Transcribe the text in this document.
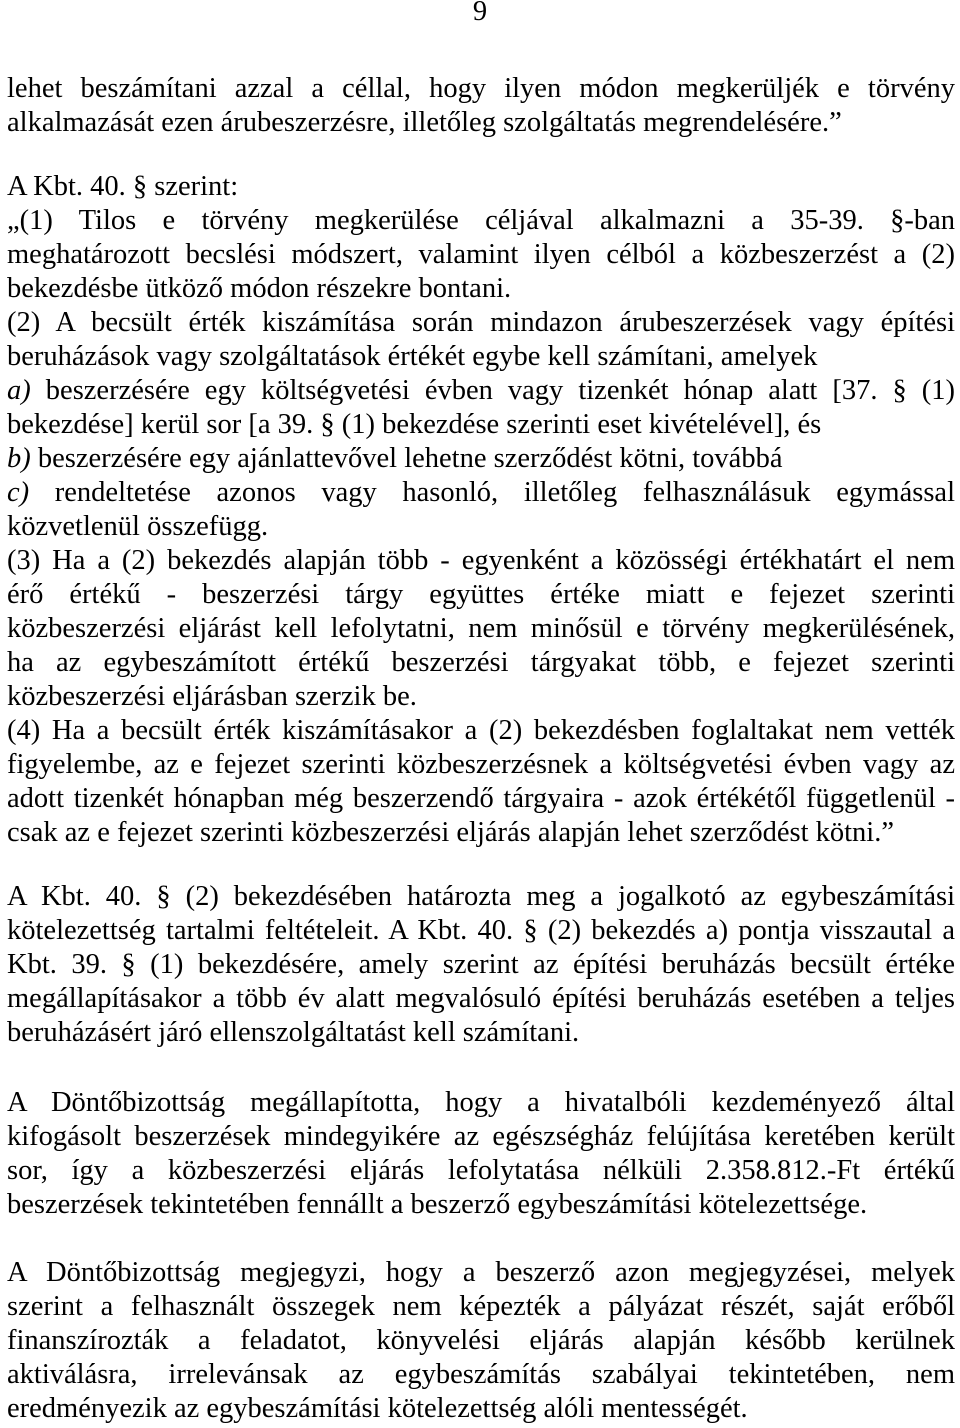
9
lehet beszámítani azzal a céllal, hogy ilyen módon megkerüljék e törvény
alkalmazását ezen árubeszerzésre, illetőleg szolgáltatás megrendelésére.”
A Kbt. 40. § szerint:
„(1) Tilos e törvény megkerülése céljával alkalmazni a 35-39. §-ban
meghatározott becslési módszert, valamint ilyen célból a közbeszerzést a (2)
bekezdésbe ütköző módon részekre bontani.
(2) A becsült érték kiszámítása során mindazon árubeszerzések vagy építési
beruházások vagy szolgáltatások értékét egybe kell számítani, amelyek
a) beszerzésére egy költségvetési évben vagy tizenkét hónap alatt [37. § (1)
bekezdése] kerül sor [a 39. § (1) bekezdése szerinti eset kivételével], és
b) beszerzésére egy ajánlattevővel lehetne szerződést kötni, továbbá
c) rendeltetése azonos vagy hasonló, illetőleg felhasználásuk egymással
közvetlenül összefügg.
(3) Ha a (2) bekezdés alapján több - egyenként a közösségi értékhatárt el nem
érő értékű - beszerzési tárgy együttes értéke miatt e fejezet szerinti
közbeszerzési eljárást kell lefolytatni, nem minősül e törvény megkerülésének,
ha az egybeszámított értékű beszerzési tárgyakat több, e fejezet szerinti
közbeszerzési eljárásban szerzik be.
(4) Ha a becsült érték kiszámításakor a (2) bekezdésben foglaltakat nem vették
figyelembe, az e fejezet szerinti közbeszerzésnek a költségvetési évben vagy az
adott tizenkét hónapban még beszerzendő tárgyaira - azok értékétől függetlenül -
csak az e fejezet szerinti közbeszerzési eljárás alapján lehet szerződést kötni.”
A Kbt. 40. § (2) bekezdésében határozta meg a jogalkotó az egybeszámítási
kötelezettség tartalmi feltételeit. A Kbt. 40. § (2) bekezdés a) pontja visszautal a
Kbt. 39. § (1) bekezdésére, amely szerint az építési beruházás becsült értéke
megállapításakor a több év alatt megvalósuló építési beruházás esetében a teljes
beruházásért járó ellenszolgáltatást kell számítani.
A Döntőbizottság megállapította, hogy a hivatalbóli kezdeményező által
kifogásolt beszerzések mindegyikére az egészségház felújítása keretében került
sor, így a közbeszerzési eljárás lefolytatása nélküli 2.358.812.-Ft értékű
beszerzések tekintetében fennállt a beszerző egybeszámítási kötelezettsége.
A Döntőbizottság megjegyzi, hogy a beszerző azon megjegyzései, melyek
szerint a felhasznált összegek nem képezték a pályázat részét, saját erőből
finanszírozták a feladatot, könyvelési eljárás alapján később kerülnek
aktiválásra, irrelevánsak az egybeszámítás szabályai tekintetében, nem
eredményezik az egybeszámítási kötelezettség alóli mentességét.
